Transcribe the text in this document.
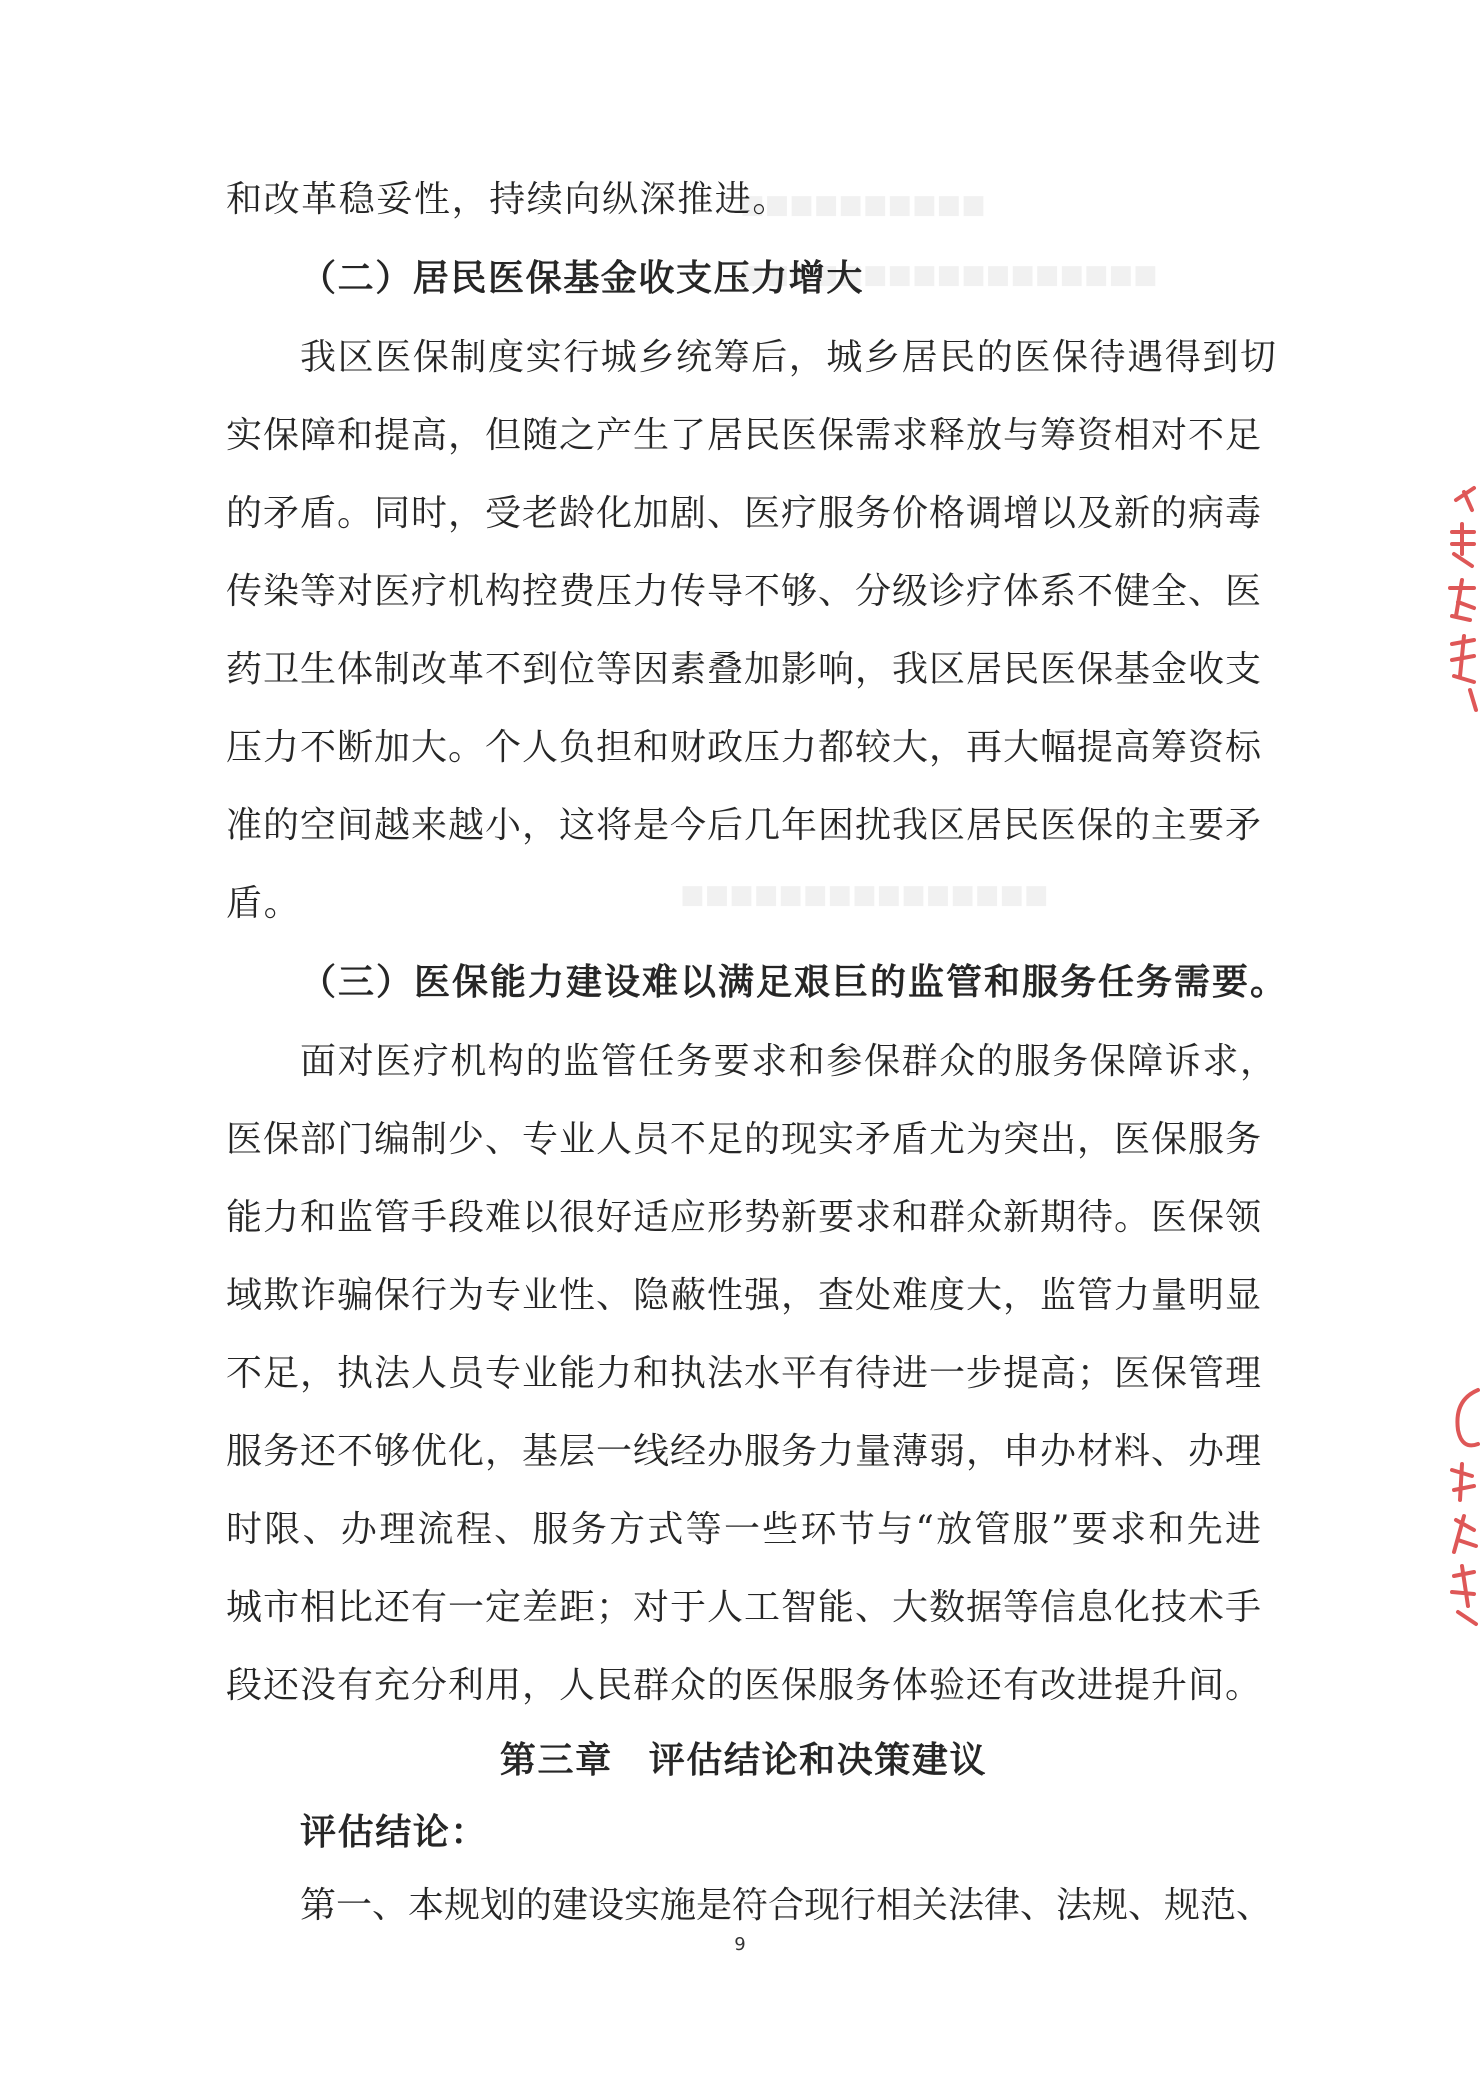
■■■■■■■■■■
■■■■■■■■■■■■■■■■■
■■■■■■■■■■■■■■■
和改革稳妥性，持续向纵深推进。
（二）居民医保基金收支压力增大
我区医保制度实行城乡统筹后，城乡居民的医保待遇得到切
实保障和提高，但随之产生了居民医保需求释放与筹资相对不足
的矛盾。同时，受老龄化加剧、医疗服务价格调增以及新的病毒
传染等对医疗机构控费压力传导不够、分级诊疗体系不健全、医
药卫生体制改革不到位等因素叠加影响，我区居民医保基金收支
压力不断加大。个人负担和财政压力都较大，再大幅提高筹资标
准的空间越来越小，这将是今后几年困扰我区居民医保的主要矛
盾。
（三）医保能力建设难以满足艰巨的监管和服务任务需要。
面对医疗机构的监管任务要求和参保群众的服务保障诉求，
医保部门编制少、专业人员不足的现实矛盾尤为突出，医保服务
能力和监管手段难以很好适应形势新要求和群众新期待。医保领
域欺诈骗保行为专业性、隐蔽性强，查处难度大，监管力量明显
不足，执法人员专业能力和执法水平有待进一步提高；医保管理
服务还不够优化，基层一线经办服务力量薄弱，申办材料、办理
时限、办理流程、服务方式等一些环节与“放管服”要求和先进
城市相比还有一定差距；对于人工智能、大数据等信息化技术手
段还没有充分利用，人民群众的医保服务体验还有改进提升间。
第三章 评估结论和决策建议
评估结论：
第一、本规划的建设实施是符合现行相关法律、法规、规范、
9
